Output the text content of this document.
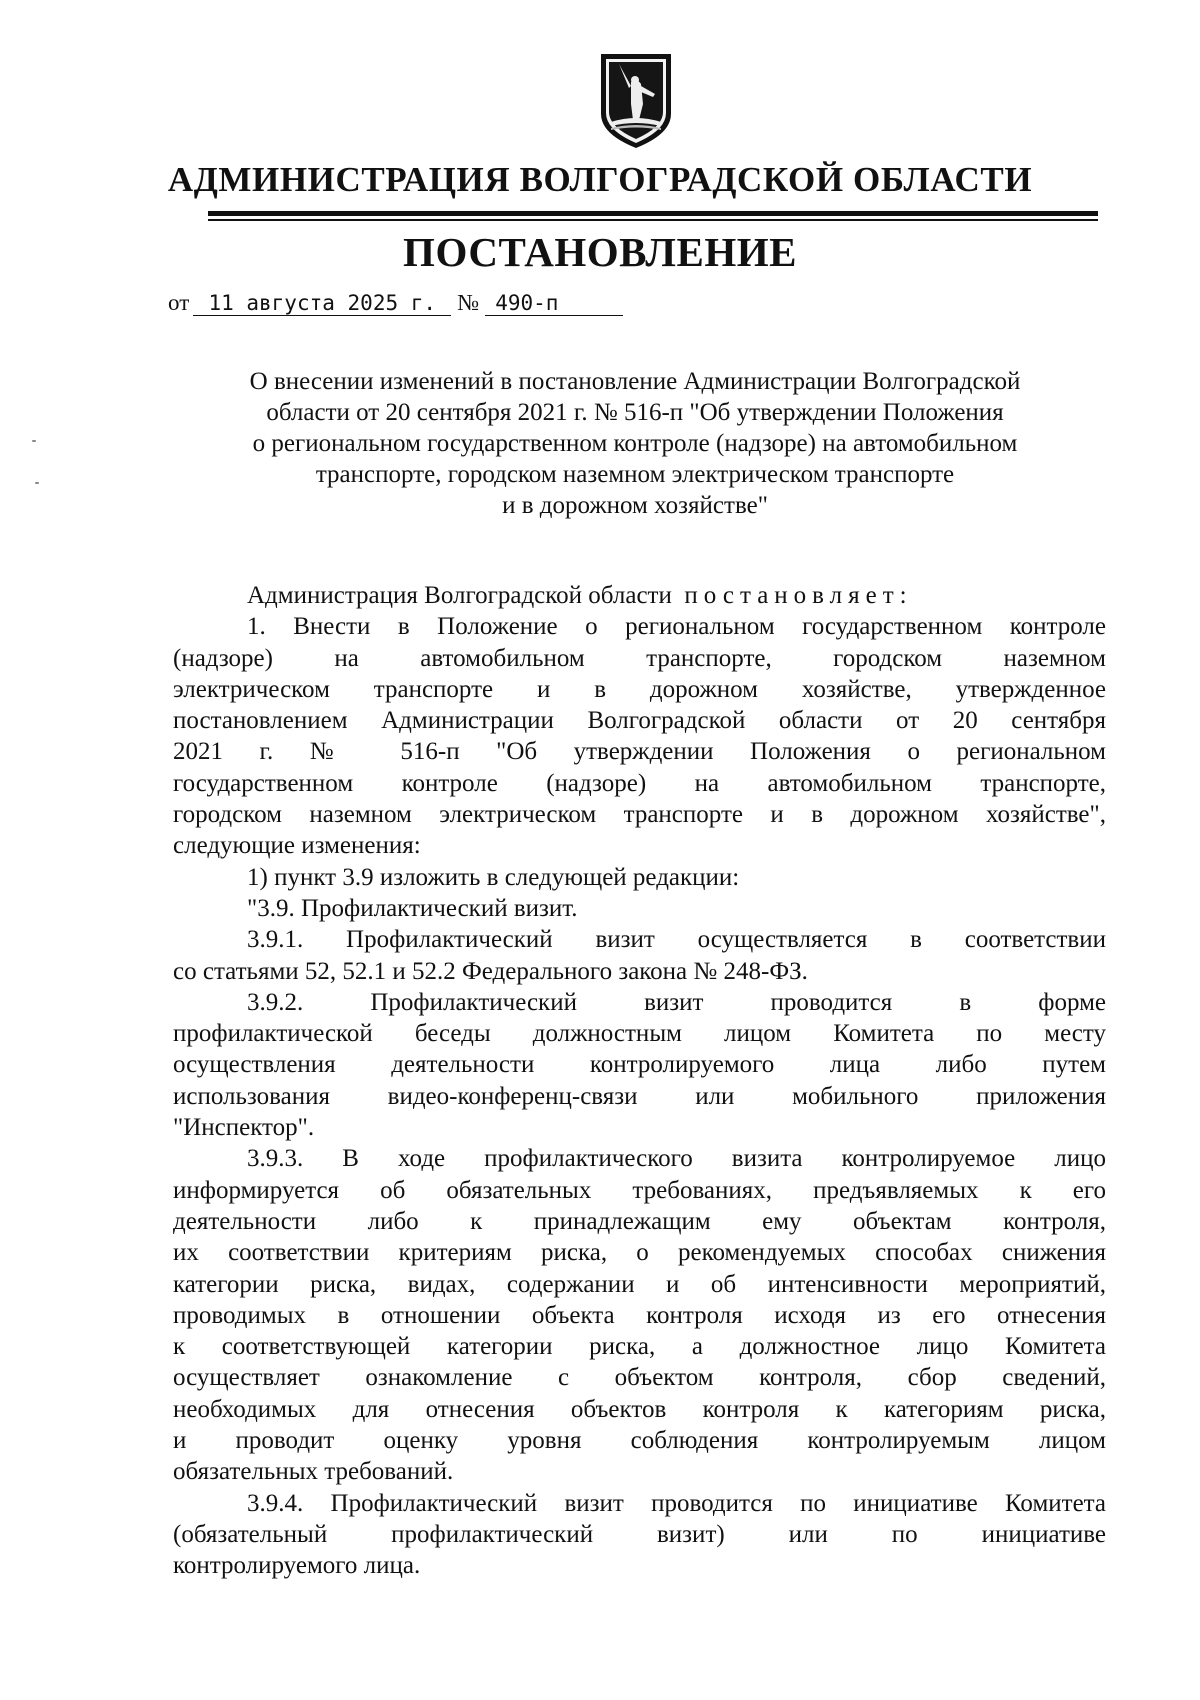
АДМИНИСТРАЦИЯ ВОЛГОГРАДСКОЙ ОБЛАСТИ
ПОСТАНОВЛЕНИЕ
от 11 августа 2025 г. № 490-п
О внесении изменений в постановление Администрации Волгоградской
области от 20 сентября 2021 г. № 516-п "Об утверждении Положения
о региональном государственном контроле (надзоре) на автомобильном
транспорте, городском наземном электрическом транспорте
и в дорожном хозяйстве"
Администрация Волгоградской области постановляет:
1. Внести в Положение о региональном государственном контроле
(надзоре) на автомобильном транспорте, городском наземном
электрическом транспорте и в дорожном хозяйстве, утвержденное
постановлением Администрации Волгоградской области от 20 сентября
2021 г. № 516-п "Об утверждении Положения о региональном
государственном контроле (надзоре) на автомобильном транспорте,
городском наземном электрическом транспорте и в дорожном хозяйстве",
следующие изменения:
1) пункт 3.9 изложить в следующей редакции:
"3.9. Профилактический визит.
3.9.1. Профилактический визит осуществляется в соответствии
со статьями 52, 52.1 и 52.2 Федерального закона № 248-ФЗ.
3.9.2. Профилактический визит проводится в форме
профилактической беседы должностным лицом Комитета по месту
осуществления деятельности контролируемого лица либо путем
использования видео-конференц-связи или мобильного приложения
"Инспектор".
3.9.3. В ходе профилактического визита контролируемое лицо
информируется об обязательных требованиях, предъявляемых к его
деятельности либо к принадлежащим ему объектам контроля,
их соответствии критериям риска, о рекомендуемых способах снижения
категории риска, видах, содержании и об интенсивности мероприятий,
проводимых в отношении объекта контроля исходя из его отнесения
к соответствующей категории риска, а должностное лицо Комитета
осуществляет ознакомление с объектом контроля, сбор сведений,
необходимых для отнесения объектов контроля к категориям риска,
и проводит оценку уровня соблюдения контролируемым лицом
обязательных требований.
3.9.4. Профилактический визит проводится по инициативе Комитета
(обязательный профилактический визит) или по инициативе
контролируемого лица.
